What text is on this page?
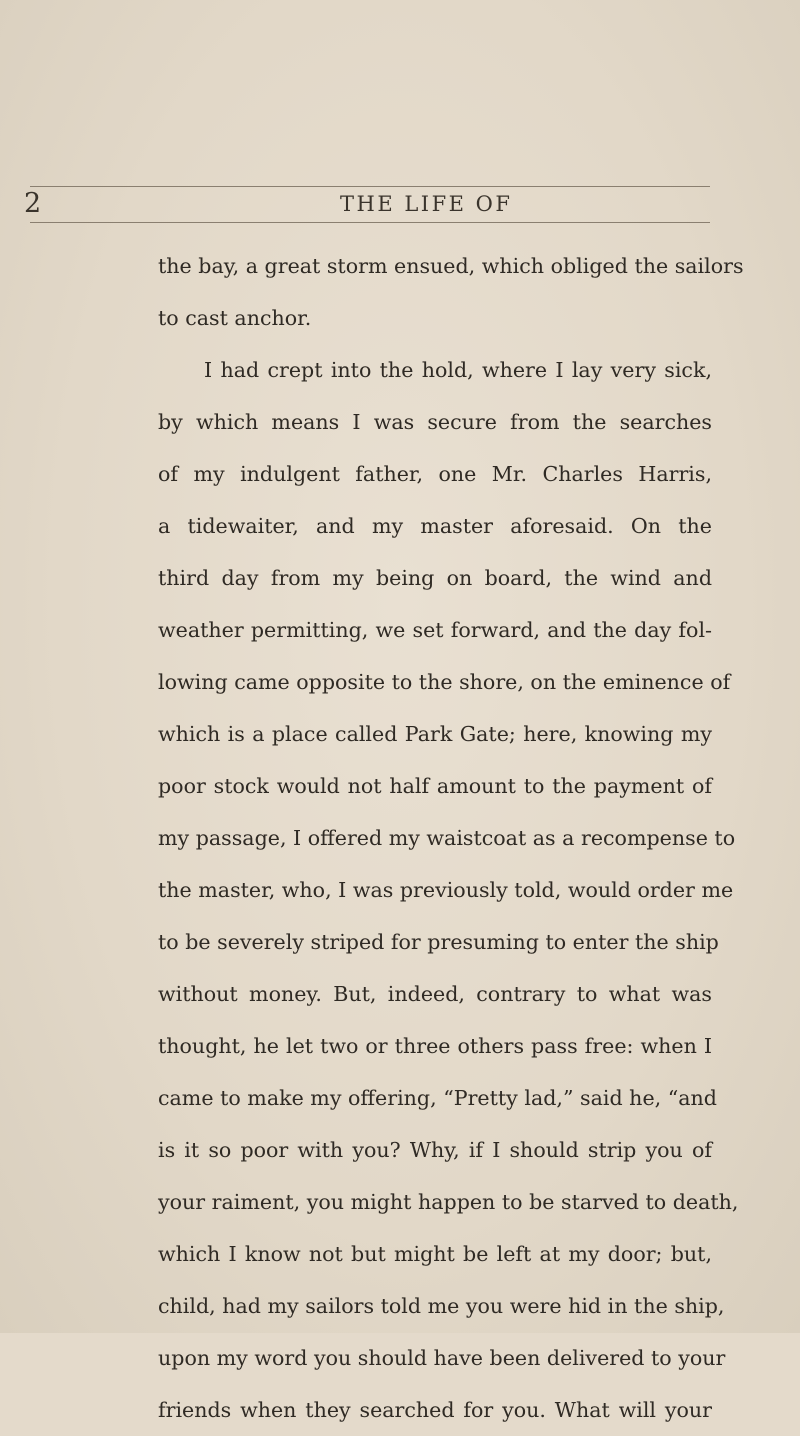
2	THE LIFE OF
the bay, a great storm ensued, which obliged the sailors
to cast anchor.
I had crept into the hold, where I lay very sick,
by which means I was secure from the searches
of my indulgent father, one Mr. Charles Harris,
a tidewaiter, and my master aforesaid. On the
third day from my being on board, the wind and
weather permitting, we set forward, and the day fol-
lowing came opposite to the shore, on the eminence of
which is a place called Park Gate; here, knowing my
poor stock would not half amount to the payment of
my passage, I offered my waistcoat as a recompense to
the master, who, I was previously told, would order me
to be severely striped for presuming to enter the ship
without money. But, indeed, contrary to what was
thought, he let two or three others pass free: when I
came to make my offering, “Pretty lad,” said he, “and
is it so poor with you? Why, if I should strip you of
your raiment, you might happen to be starved to death,
which I know not but might be left at my door; but,
child, had my sailors told me you were hid in the ship,
upon my word you should have been delivered to your
friends when they searched for you. What will your
